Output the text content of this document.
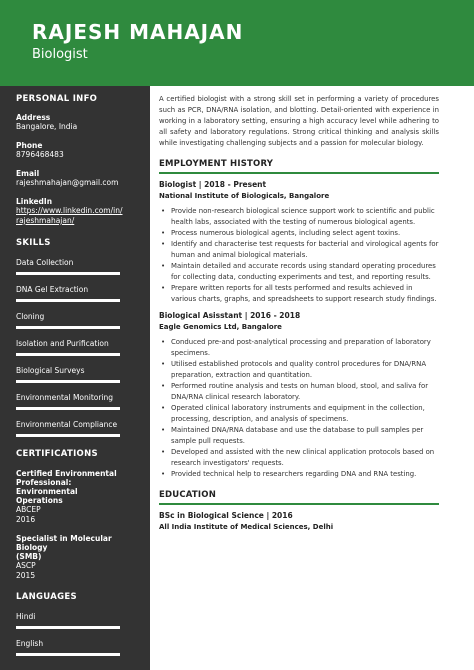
RAJESH MAHAJAN
Biologist
PERSONAL INFO
Address
Bangalore, India
Phone
8796468483
Email
rajeshmahajan@gmail.com
LinkedIn
https://www.linkedin.com/in/
rajeshmahajan/
SKILLS
Data Collection
DNA Gel Extraction
Cloning
Isolation and Purification
Biological Surveys
Environmental Monitoring
Environmental Compliance
CERTIFICATIONS
Certified Environmental
Professional: Environmental
Operations
ABCEP
2016
Specialist in Molecular Biology
(SMB)
ASCP
2015
LANGUAGES
Hindi
English

A certified biologist with a strong skill set in performing a variety of procedures such as PCR, DNA/RNA isolation, and blotting. Detail-oriented with experience in working in a laboratory setting, ensuring a high accuracy level while adhering to all safety and laboratory regulations. Strong critical thinking and analysis skills while investigating challenging subjects and a passion for molecular biology.

EMPLOYMENT HISTORY
Biologist | 2018 - Present
National Institute of Biologicals, Bangalore
• Provide non-research biological science support work to scientific and public health labs, associated with the testing of numerous biological agents.
• Process numerous biological agents, including select agent toxins.
• Identify and characterise test requests for bacterial and virological agents for human and animal biological materials.
• Maintain detailed and accurate records using standard operating procedures for collecting data, conducting experiments and test, and reporting results.
• Prepare written reports for all tests performed and results achieved in various charts, graphs, and spreadsheets to support research study findings.
Biological Asisstant | 2016 - 2018
Eagle Genomics Ltd, Bangalore
• Conduced pre-and post-analytical processing and preparation of laboratory specimens.
• Utilised established protocols and quality control procedures for DNA/RNA preparation, extraction and quantitation.
• Performed routine analysis and tests on human blood, stool, and saliva for DNA/RNA clinical research laboratory.
• Operated clinical laboratory instruments and equipment in the collection, processing, description, and analysis of specimens.
• Maintained DNA/RNA database and use the database to pull samples per sample pull requests.
• Developed and assisted with the new clinical application protocols based on research investigators' requests.
• Provided technical help to researchers regarding DNA and RNA testing.
EDUCATION
BSc in Biological Science | 2016
All India Institute of Medical Sciences, Delhi
